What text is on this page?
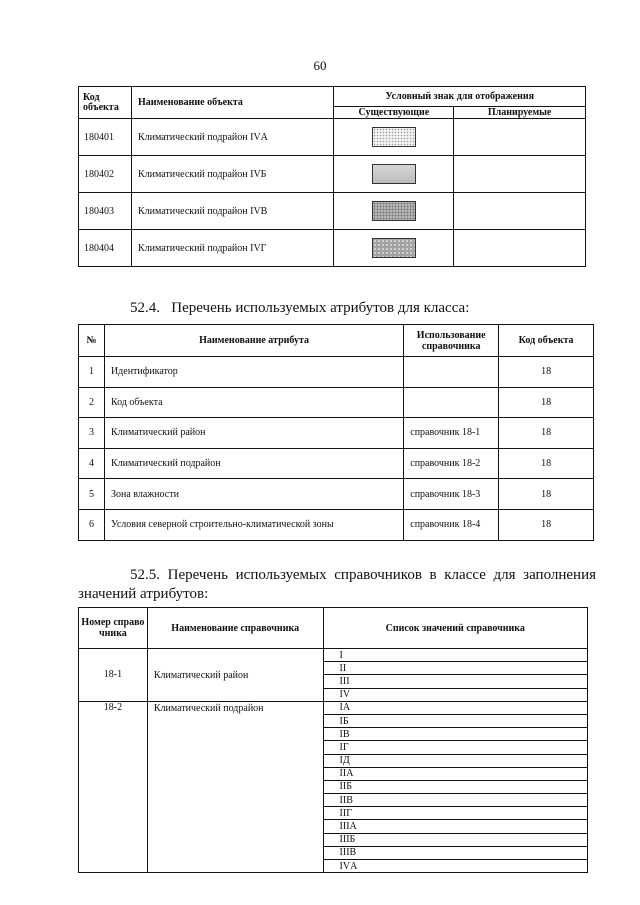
60
Код объекта	Наименование объекта	Условный знак для отображения	
		Существующие	Планируемые
180401	Климатический подрайон IVА	

180402	Климатический подрайон IVБ	

180403	Климатический подрайон IVВ	

180404	Климатический подрайон IVГ	

52.4.   Перечень используемых атрибутов для класса:
№	Наименование атрибута	Использование справочника	Код объекта
1	Идентификатор		18
2	Код объекта		18
3	Климатический район	справочник 18-1	18
4	Климатический подрайон	справочник 18-2	18
5	Зона влажности	справочник 18-3	18
6	Условия северной строительно-климатической зоны	справочник 18-4	18
52.5. Перечень используемых справочников в классе для заполнения
значений атрибутов:
Номер справочника	Наименование справочника	Список значений справочника
18-1	Климатический район	I
		II
		III
		IV
18-2	Климатический подрайон	IА
		IБ
		IВ
		IГ
		IД
		IIА
		IIБ
		IIВ
		IIГ
		IIIА
		IIIБ
		IIIВ
		IVА
